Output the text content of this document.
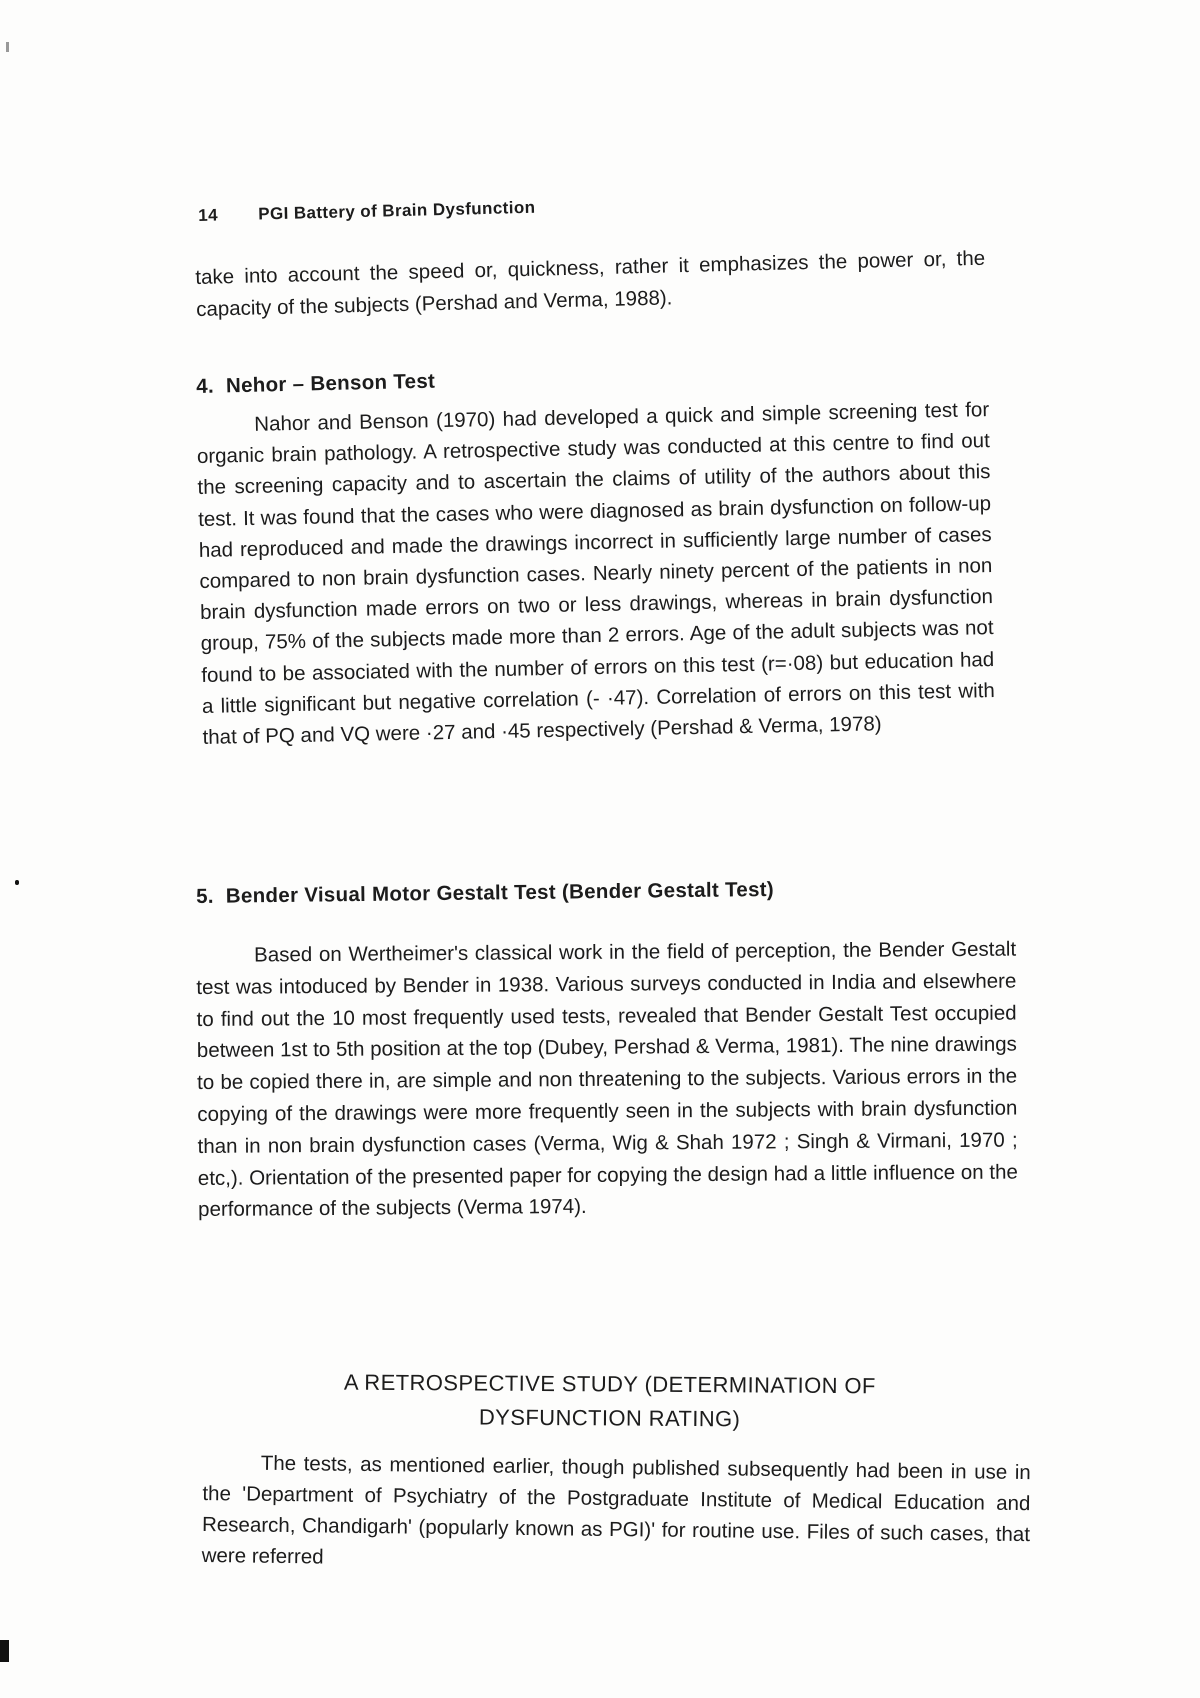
14 PGI Battery of Brain Dysfunction

take into account the speed or, quickness, rather it emphasizes the power or, the capacity of the subjects (Pershad and Verma, 1988).

4. Nehor – Benson Test

Nahor and Benson (1970) had developed a quick and simple screening test for organic brain pathology. A retrospective study was conducted at this centre to find out the screening capacity and to ascertain the claims of utility of the authors about this test. It was found that the cases who were diagnosed as brain dysfunction on follow-up had reproduced and made the drawings incorrect in sufficiently large number of cases compared to non brain dysfunction cases. Nearly ninety percent of the patients in non brain dysfunction made errors on two or less drawings, whereas in brain dysfunction group, 75% of the subjects made more than 2 errors. Age of the adult subjects was not found to be associated with the number of errors on this test (r=·08) but education had a little significant but negative correlation (- ·47). Correlation of errors on this test with that of PQ and VQ were ·27 and ·45 respectively (Pershad & Verma, 1978)

5. Bender Visual Motor Gestalt Test (Bender Gestalt Test)

Based on Wertheimer's classical work in the field of perception, the Bender Gestalt test was intoduced by Bender in 1938. Various surveys conducted in India and elsewhere to find out the 10 most frequently used tests, revealed that Bender Gestalt Test occupied between 1st to 5th position at the top (Dubey, Pershad & Verma, 1981). The nine drawings to be copied there in, are simple and non threatening to the subjects. Various errors in the copying of the drawings were more frequently seen in the subjects with brain dysfunction than in non brain dysfunction cases (Verma, Wig & Shah 1972 ; Singh & Virmani, 1970 ; etc,). Orientation of the presented paper for copying the design had a little influence on the performance of the subjects (Verma 1974).

A RETROSPECTIVE STUDY (DETERMINATION OF
DYSFUNCTION RATING)

The tests, as mentioned earlier, though published subsequently had been in use in the 'Department of Psychiatry of the Postgraduate Institute of Medical Education and Research, Chandigarh' (popularly known as PGI)' for routine use. Files of such cases, that were referred
